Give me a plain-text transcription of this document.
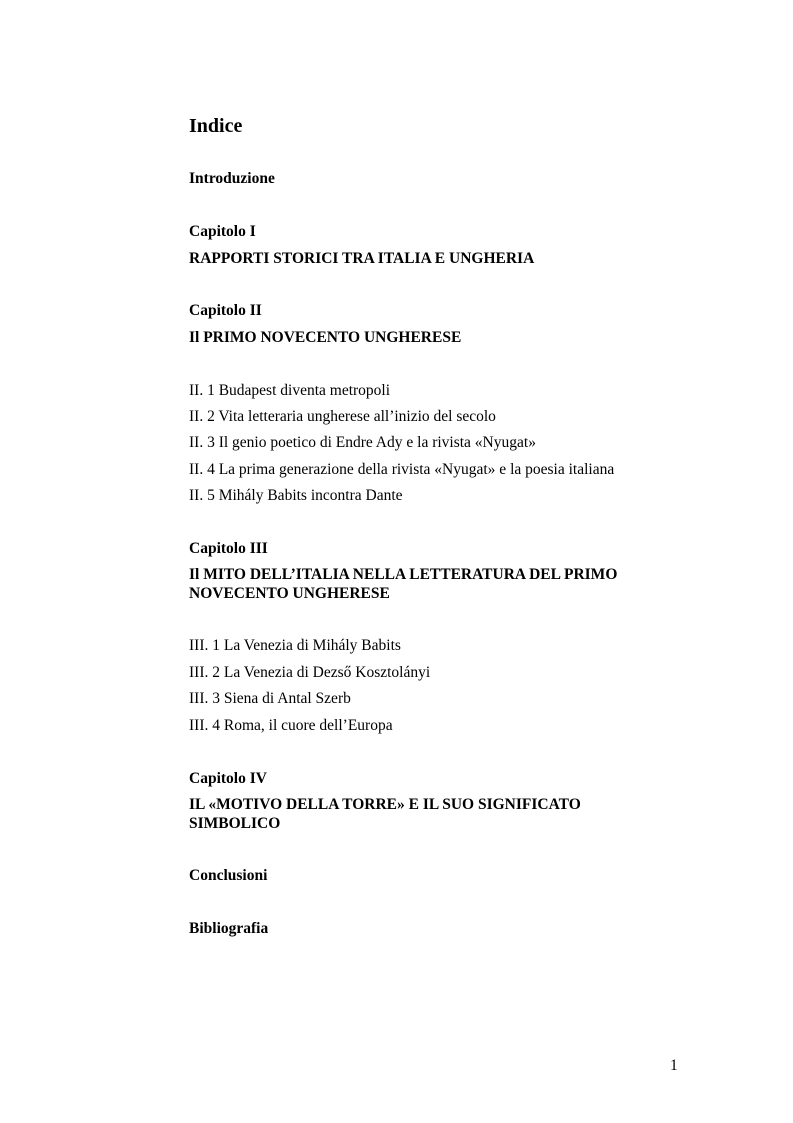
Indice
Introduzione
Capitolo I
RAPPORTI STORICI TRA ITALIA E UNGHERIA
Capitolo II
Il PRIMO NOVECENTO UNGHERESE
II. 1 Budapest diventa metropoli
II. 2 Vita letteraria ungherese all’inizio del secolo
II. 3 Il genio poetico di Endre Ady e la rivista «Nyugat»
II. 4 La prima generazione della rivista «Nyugat» e la poesia italiana
II. 5 Mihály Babits incontra Dante
Capitolo III
Il MITO DELL’ITALIA NELLA LETTERATURA DEL PRIMO
NOVECENTO UNGHERESE
III. 1 La Venezia di Mihály Babits
III. 2 La Venezia di Dezső Kosztolányi
III. 3 Siena di Antal Szerb
III. 4 Roma, il cuore dell’Europa
Capitolo IV
IL «MOTIVO DELLA TORRE» E IL SUO SIGNIFICATO
SIMBOLICO
Conclusioni
Bibliografia
1
